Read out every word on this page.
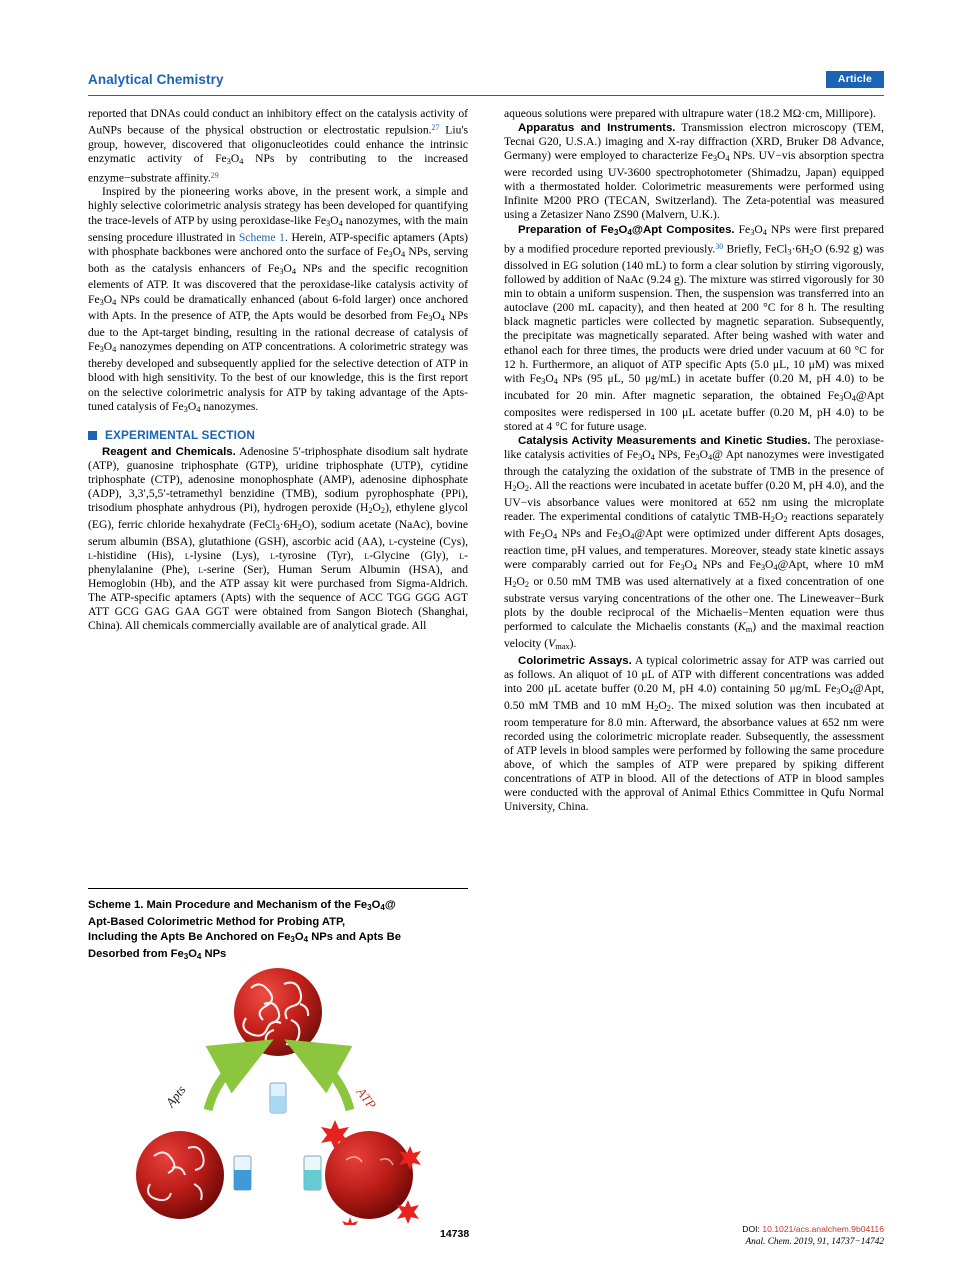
Analytical Chemistry	Article

reported that DNAs could conduct an inhibitory effect on the catalysis activity of AuNPs because of the physical obstruction or electrostatic repulsion.$^{27}$ Liu's group, however, discovered that oligonucleotides could enhance the intrinsic enzymatic activity of $Fe_3O_4$ NPs by contributing to the increased enzyme−substrate affinity.$^{29}$

Inspired by the pioneering works above, in the present work, a simple and highly selective colorimetric analysis strategy has been developed for quantifying the trace-levels of ATP by using peroxidase-like $Fe_3O_4$ nanozymes, with the main sensing procedure illustrated in Scheme 1. Herein, ATP-specific aptamers (Apts) with phosphate backbones were anchored onto the surface of $Fe_3O_4$ NPs, serving both as the catalysis enhancers of $Fe_3O_4$ NPs and the specific recognition elements of ATP. It was discovered that the peroxidase-like catalysis activity of $Fe_3O_4$ NPs could be dramatically enhanced (about 6-fold larger) once anchored with Apts. In the presence of ATP, the Apts would be desorbed from $Fe_3O_4$ NPs due to the Apt-target binding, resulting in the rational decrease of catalysis of $Fe_3O_4$ nanozymes depending on ATP concentrations. A colorimetric strategy was thereby developed and subsequently applied for the selective detection of ATP in blood with high sensitivity. To the best of our knowledge, this is the first report on the selective colorimetric analysis for ATP by taking advantage of the Apts-tuned catalysis of $Fe_3O_4$ nanozymes.

EXPERIMENTAL SECTION

Reagent and Chemicals. Adenosine 5′-triphosphate disodium salt hydrate (ATP), guanosine triphosphate (GTP), uridine triphosphate (UTP), cytidine triphosphate (CTP), adenosine monophosphate (AMP), adenosine diphosphate (ADP), 3,3′,5,5′-tetramethyl benzidine (TMB), sodium pyrophosphate (PPi), trisodium phosphate anhydrous (Pi), hydrogen peroxide $(H_2O_2)$, ethylene glycol (EG), ferric chloride hexahydrate $(FeCl_3\cdot 6H_2O)$, sodium acetate (NaAc), bovine serum albumin (BSA), glutathione (GSH), ascorbic acid (AA), l-cysteine (Cys), l-histidine (His), l-lysine (Lys), l-tyrosine (Tyr), l-Glycine (Gly), l-phenylalanine (Phe), l-serine (Ser), Human Serum Albumin (HSA), and Hemoglobin (Hb), and the ATP assay kit were purchased from Sigma-Aldrich. The ATP-specific aptamers (Apts) with the sequence of ACC TGG GGG AGT ATT GCG GAG GAA GGT were obtained from Sangon Biotech (Shanghai, China). All chemicals commercially available are of analytical grade. All

Scheme 1. Main Procedure and Mechanism of the $Fe_3O_4@$
Apt-Based Colorimetric Method for Probing ATP,
Including the Apts Be Anchored on $Fe_3O_4$ NPs and Apts Be
Desorbed from $Fe_3O_4$ NPs
Apts	ATP

aqueous solutions were prepared with ultrapure water (18.2 MΩ·cm, Millipore).

Apparatus and Instruments. Transmission electron microscopy (TEM, Tecnai G20, U.S.A.) imaging and X-ray diffraction (XRD, Bruker D8 Advance, Germany) were employed to characterize $Fe_3O_4$ NPs. UV−vis absorption spectra were recorded using UV-3600 spectrophotometer (Shimadzu, Japan) equipped with a thermostated holder. Colorimetric measurements were performed using Infinite M200 PRO (TECAN, Switzerland). The Zeta-potential was measured using a Zetasizer Nano ZS90 (Malvern, U.K.).

Preparation of $Fe_3O_4@Apt$ Composites. $Fe_3O_4$ NPs were first prepared by a modified procedure reported previously.$^{30}$ Briefly, $FeCl_3\cdot 6H_2O$ (6.92 g) was dissolved in EG solution (140 mL) to form a clear solution by stirring vigorously, followed by addition of NaAc (9.24 g). The mixture was stirred vigorously for 30 min to obtain a uniform suspension. Then, the suspension was transferred into an autoclave (200 mL capacity), and then heated at 200 °C for 8 h. The resulting black magnetic particles were collected by magnetic separation. Subsequently, the precipitate was magnetically separated. After being washed with water and ethanol each for three times, the products were dried under vacuum at 60 °C for 12 h. Furthermore, an aliquot of ATP specific Apts (5.0 μL, 10 μM) was mixed with $Fe_3O_4$ NPs (95 μL, 50 μg/mL) in acetate buffer (0.20 M, pH 4.0) to be incubated for 20 min. After magnetic separation, the obtained $Fe_3O_4@Apt$ composites were redispersed in 100 μL acetate buffer (0.20 M, pH 4.0) to be stored at 4 °C for future usage.

Catalysis Activity Measurements and Kinetic Studies. The peroxiase-like catalysis activities of $Fe_3O_4$ NPs, $Fe_3O_4@$ Apt nanozymes were investigated through the catalyzing the oxidation of the substrate of TMB in the presence of $H_2O_2$. All the reactions were incubated in acetate buffer (0.20 M, pH 4.0), and the UV−vis absorbance values were monitored at 652 nm using the microplate reader. The experimental conditions of catalytic TMB-$H_2O_2$ reactions separately with $Fe_3O_4$ NPs and $Fe_3O_4@Apt$ were optimized under different Apts dosages, reaction time, pH values, and temperatures. Moreover, steady state kinetic assays were comparably carried out for $Fe_3O_4$ NPs and $Fe_3O_4@Apt$, where 10 mM $H_2O_2$ or 0.50 mM TMB was used alternatively at a fixed concentration of one substrate versus varying concentrations of the other one. The Lineweaver−Burk plots by the double reciprocal of the Michaelis−Menten equation were thus performed to calculate the Michaelis constants $(K_m)$ and the maximal reaction velocity $(V_{max})$.

Colorimetric Assays. A typical colorimetric assay for ATP was carried out as follows. An aliquot of 10 μL of ATP with different concentrations was added into 200 μL acetate buffer (0.20 M, pH 4.0) containing 50 μg/mL $Fe_3O_4@Apt$, 0.50 mM TMB and 10 mM $H_2O_2$. The mixed solution was then incubated at room temperature for 8.0 min. Afterward, the absorbance values at 652 nm were recorded using the colorimetric microplate reader. Subsequently, the assessment of ATP levels in blood samples were performed by following the same procedure above, of which the samples of ATP were prepared by spiking different concentrations of ATP in blood. All of the detections of ATP in blood samples were conducted with the approval of Animal Ethics Committee in Qufu Normal University, China.

14738	DOI: 10.1021/acs.analchem.9b04116
Anal. Chem. 2019, 91, 14737−14742
